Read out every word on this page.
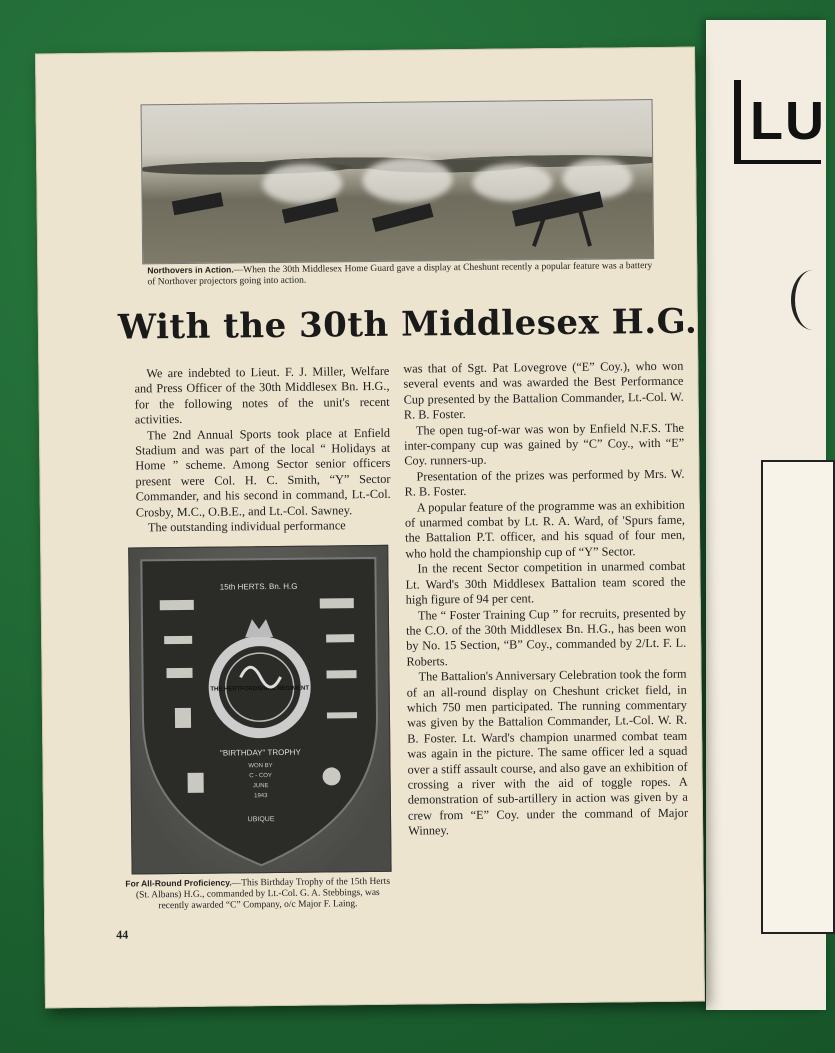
LU
Northovers in Action.—When the 30th Middlesex Home Guard gave a display at Cheshunt recently a popular feature was a battery of Northover projectors going into action.
With the 30th Middlesex H.G.

We are indebted to Lieut. F. J. Miller, Welfare and Press Officer of the 30th Middlesex Bn. H.G., for the following notes of the unit's recent activities.

The 2nd Annual Sports took place at Enfield Stadium and was part of the local “ Holidays at Home ” scheme. Among Sector senior officers present were Col. H. C. Smith, “Y” Sector Commander, and his second in command, Lt.-Col. Crosby, M.C., O.B.E., and Lt.-Col. Sawney.

The outstanding individual performance

15th HERTS. Bn. H.G
THE HERTFORDSHIRE REGIMENT
"BIRTHDAY" TROPHY
WON BY
C - COY
JUNE
1943
UBIQUE
For All-Round Proficiency.—This Birthday Trophy of the 15th Herts (St. Albans) H.G., commanded by Lt.-Col. G. A. Stebbings, was recently awarded “C” Company, o/c Major F. Laing.

was that of Sgt. Pat Lovegrove (“E” Coy.), who won several events and was awarded the Best Performance Cup presented by the Battalion Commander, Lt.-Col. W. R. B. Foster.

The open tug-of-war was won by Enfield N.F.S. The inter-company cup was gained by “C” Coy., with “E” Coy. runners-up.

Presentation of the prizes was performed by Mrs. W. R. B. Foster.

A popular feature of the programme was an exhibition of unarmed combat by Lt. R. A. Ward, of 'Spurs fame, the Battalion P.T. officer, and his squad of four men, who hold the championship cup of “Y” Sector.

In the recent Sector competition in unarmed combat Lt. Ward's 30th Middlesex Battalion team scored the high figure of 94 per cent.

The “ Foster Training Cup ” for recruits, presented by the C.O. of the 30th Middlesex Bn. H.G., has been won by No. 15 Section, “B” Coy., commanded by 2/Lt. F. L. Roberts.

The Battalion's Anniversary Celebration took the form of an all-round display on Cheshunt cricket field, in which 750 men participated. The running commentary was given by the Battalion Commander, Lt.-Col. W. R. B. Foster. Lt. Ward's champion unarmed combat team was again in the picture. The same officer led a squad over a stiff assault course, and also gave an exhibition of crossing a river with the aid of toggle ropes. A demonstration of sub-artillery in action was given by a crew from “E” Coy. under the command of Major Winney.

44
